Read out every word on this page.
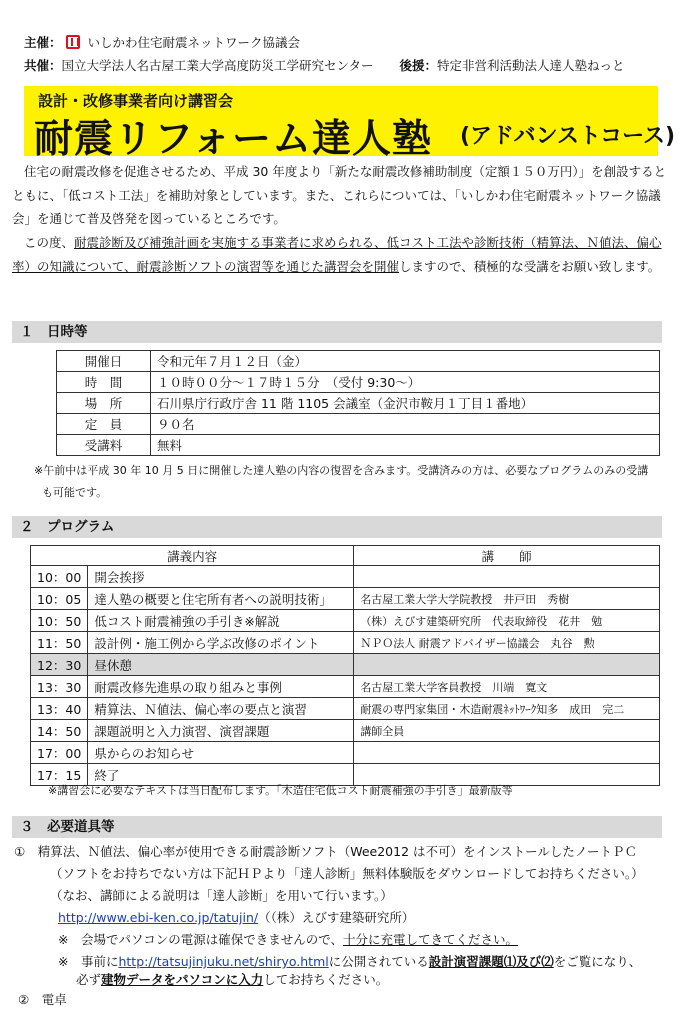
主催： いしかわ住宅耐震ネットワーク協議会
共催：国立大学法人名古屋工業大学高度防災工学研究センター 後援：特定非営利活動法人達人塾ねっと
設計・改修事業者向け講習会
耐震リフォーム達人塾 (アドバンストコース)
住宅の耐震改修を促進させるため、平成 30 年度より「新たな耐震改修補助制度（定額１５０万円）」を創設するとともに、「低コスト工法」を補助対象としています。また、これらについては、「いしかわ住宅耐震ネットワーク協議会」を通じて普及啓発を図っているところです。
この度、耐震診断及び補強計画を実施する事業者に求められる、低コスト工法や診断技術（精算法、Ｎ値法、偏心率）の知識について、耐震診断ソフトの演習等を通じた講習会を開催しますので、積極的な受講をお願い致します。
１　日時等
開催日	令和元年７月１２日（金）
時　間	１０時００分～１７時１５分　（受付 9:30～）
場　所	石川県庁行政庁舎 11 階 1105 会議室（金沢市鞍月１丁目１番地）
定　員	９０名
受講料	無料
※午前中は平成 30 年 10 月 5 日に開催した達人塾の内容の復習を含みます。受講済みの方は、必要なプログラムのみの受講
も可能です。
２　プログラム
講義内容		講　　師
10：00	開会挨拶	
10：05	達人塾の概要と住宅所有者への説明技術」	名古屋工業大学大学院教授　井戸田　秀樹
10：50	低コスト耐震補強の手引き※解説	（株）えびす建築研究所　代表取締役　花井　勉
11：50	設計例・施工例から学ぶ改修のポイント	ＮＰＯ法人 耐震アドバイザー協議会　丸谷　勲
12：30	昼休憩	
13：30	耐震改修先進県の取り組みと事例	名古屋工業大学客員教授　川端　寛文
13：40	精算法、Ｎ値法、偏心率の要点と演習	耐震の専門家集団・木造耐震ﾈｯﾄﾜｰｸ知多　成田　完二
14：50	課題説明と入力演習、演習課題	講師全員
17：00	県からのお知らせ	
17：15	終了	
※講習会に必要なテキストは当日配布します。「木造住宅低コスト耐震補強の手引き」最新版等
３　必要道具等
①　精算法、Ｎ値法、偏心率が使用できる耐震診断ソフト（Wee2012 は不可）をインストールしたノートＰＣ
（ソフトをお持ちでない方は下記ＨＰより「達人診断」無料体験版をダウンロードしてお持ちください。）
（なお、講師による説明は「達人診断」を用いて行います。）
http://www.ebi-ken.co.jp/tatujin/（（株）えびす建築研究所）
※　会場でパソコンの電源は確保できませんので、十分に充電してきてください。
※　事前にhttp://tatsujinjuku.net/shiryo.htmlに公開されている設計演習課題⑴及び⑵をご覧になり、
必ず建物データをパソコンに入力してお持ちください。
②　電卓
